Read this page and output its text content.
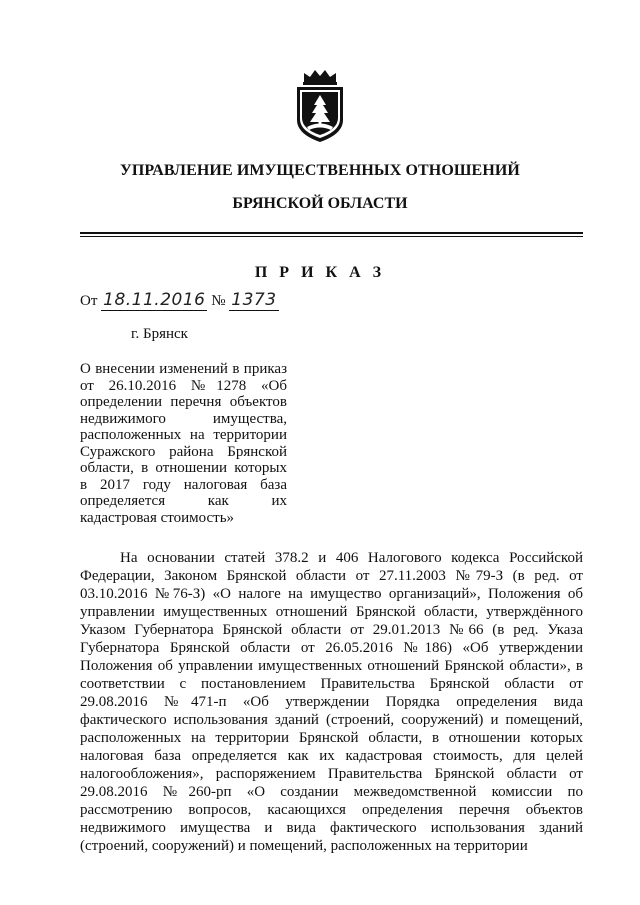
УПРАВЛЕНИЕ ИМУЩЕСТВЕННЫХ ОТНОШЕНИЙ
БРЯНСКОЙ ОБЛАСТИ
П Р И К А З
От 18.11.2016 № 1373
г. Брянск
О внесении изменений в приказ от 26.10.2016 №1278 «Об определении перечня объектов недвижимого имущества, расположенных на территории Суражского района Брянской области, в отношении которых в 2017 году налоговая база определяется как их кадастровая стоимость»
На основании статей 378.2 и 406 Налогового кодекса Российской Федерации, Законом Брянской области от 27.11.2003 №79-З (в ред. от 03.10.2016 №76-З) «О налоге на имущество организаций», Положения об управлении имущественных отношений Брянской области, утверждённого Указом Губернатора Брянской области от 29.01.2013 №66 (в ред. Указа Губернатора Брянской области от 26.05.2016 №186) «Об утверждении Положения об управлении имущественных отношений Брянской области», в соответствии с постановлением Правительства Брянской области от 29.08.2016 №471-п «Об утверждении Порядка определения вида фактического использования зданий (строений, сооружений) и помещений, расположенных на территории Брянской области, в отношении которых налоговая база определяется как их кадастровая стоимость, для целей налогообложения», распоряжением Правительства Брянской области от 29.08.2016 №260-рп «О создании межведомственной комиссии по рассмотрению вопросов, касающихся определения перечня объектов недвижимого имущества и вида фактического использования зданий (строений, сооружений) и помещений, расположенных на территории
